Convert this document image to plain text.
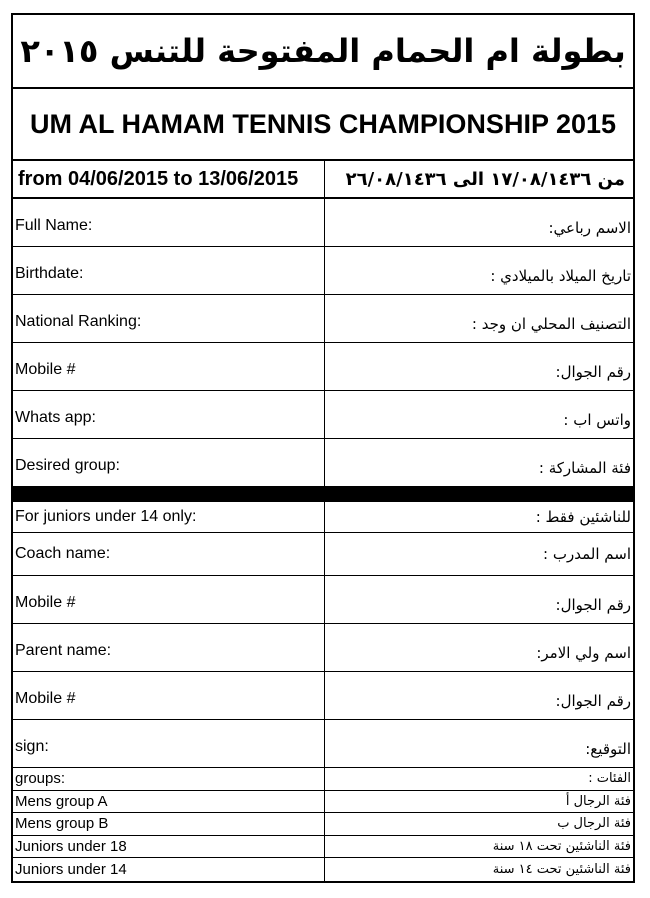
بطولة ام الحمام المفتوحة للتنس ٢٠١٥
UM AL HAMAM TENNIS CHAMPIONSHIP 2015
from 04/06/2015 to 13/06/2015	من ١٧/٠٨/١٤٣٦ الى ٢٦/٠٨/١٤٣٦
Full Name:	الاسم رباعي:
Birthdate:	تاريخ الميلاد بالميلادي :
National Ranking:	التصنيف المحلي ان وجد :
Mobile #	رقم الجوال:
Whats app:	واتس اب :
Desired group:	فئة المشاركة :
For juniors under 14 only:	للناشئين فقط :
Coach name:	اسم المدرب :
Mobile #	رقم الجوال:
Parent name:	اسم ولي الامر:
Mobile #	رقم الجوال:
sign:	التوقيع:
groups:	الفئات :
Mens group A	فئة الرجال أ
Mens group B	فئة الرجال ب
Juniors under 18	فئة الناشئين تحت ١٨ سنة
Juniors under 14	فئة الناشئين تحت ١٤ سنة
